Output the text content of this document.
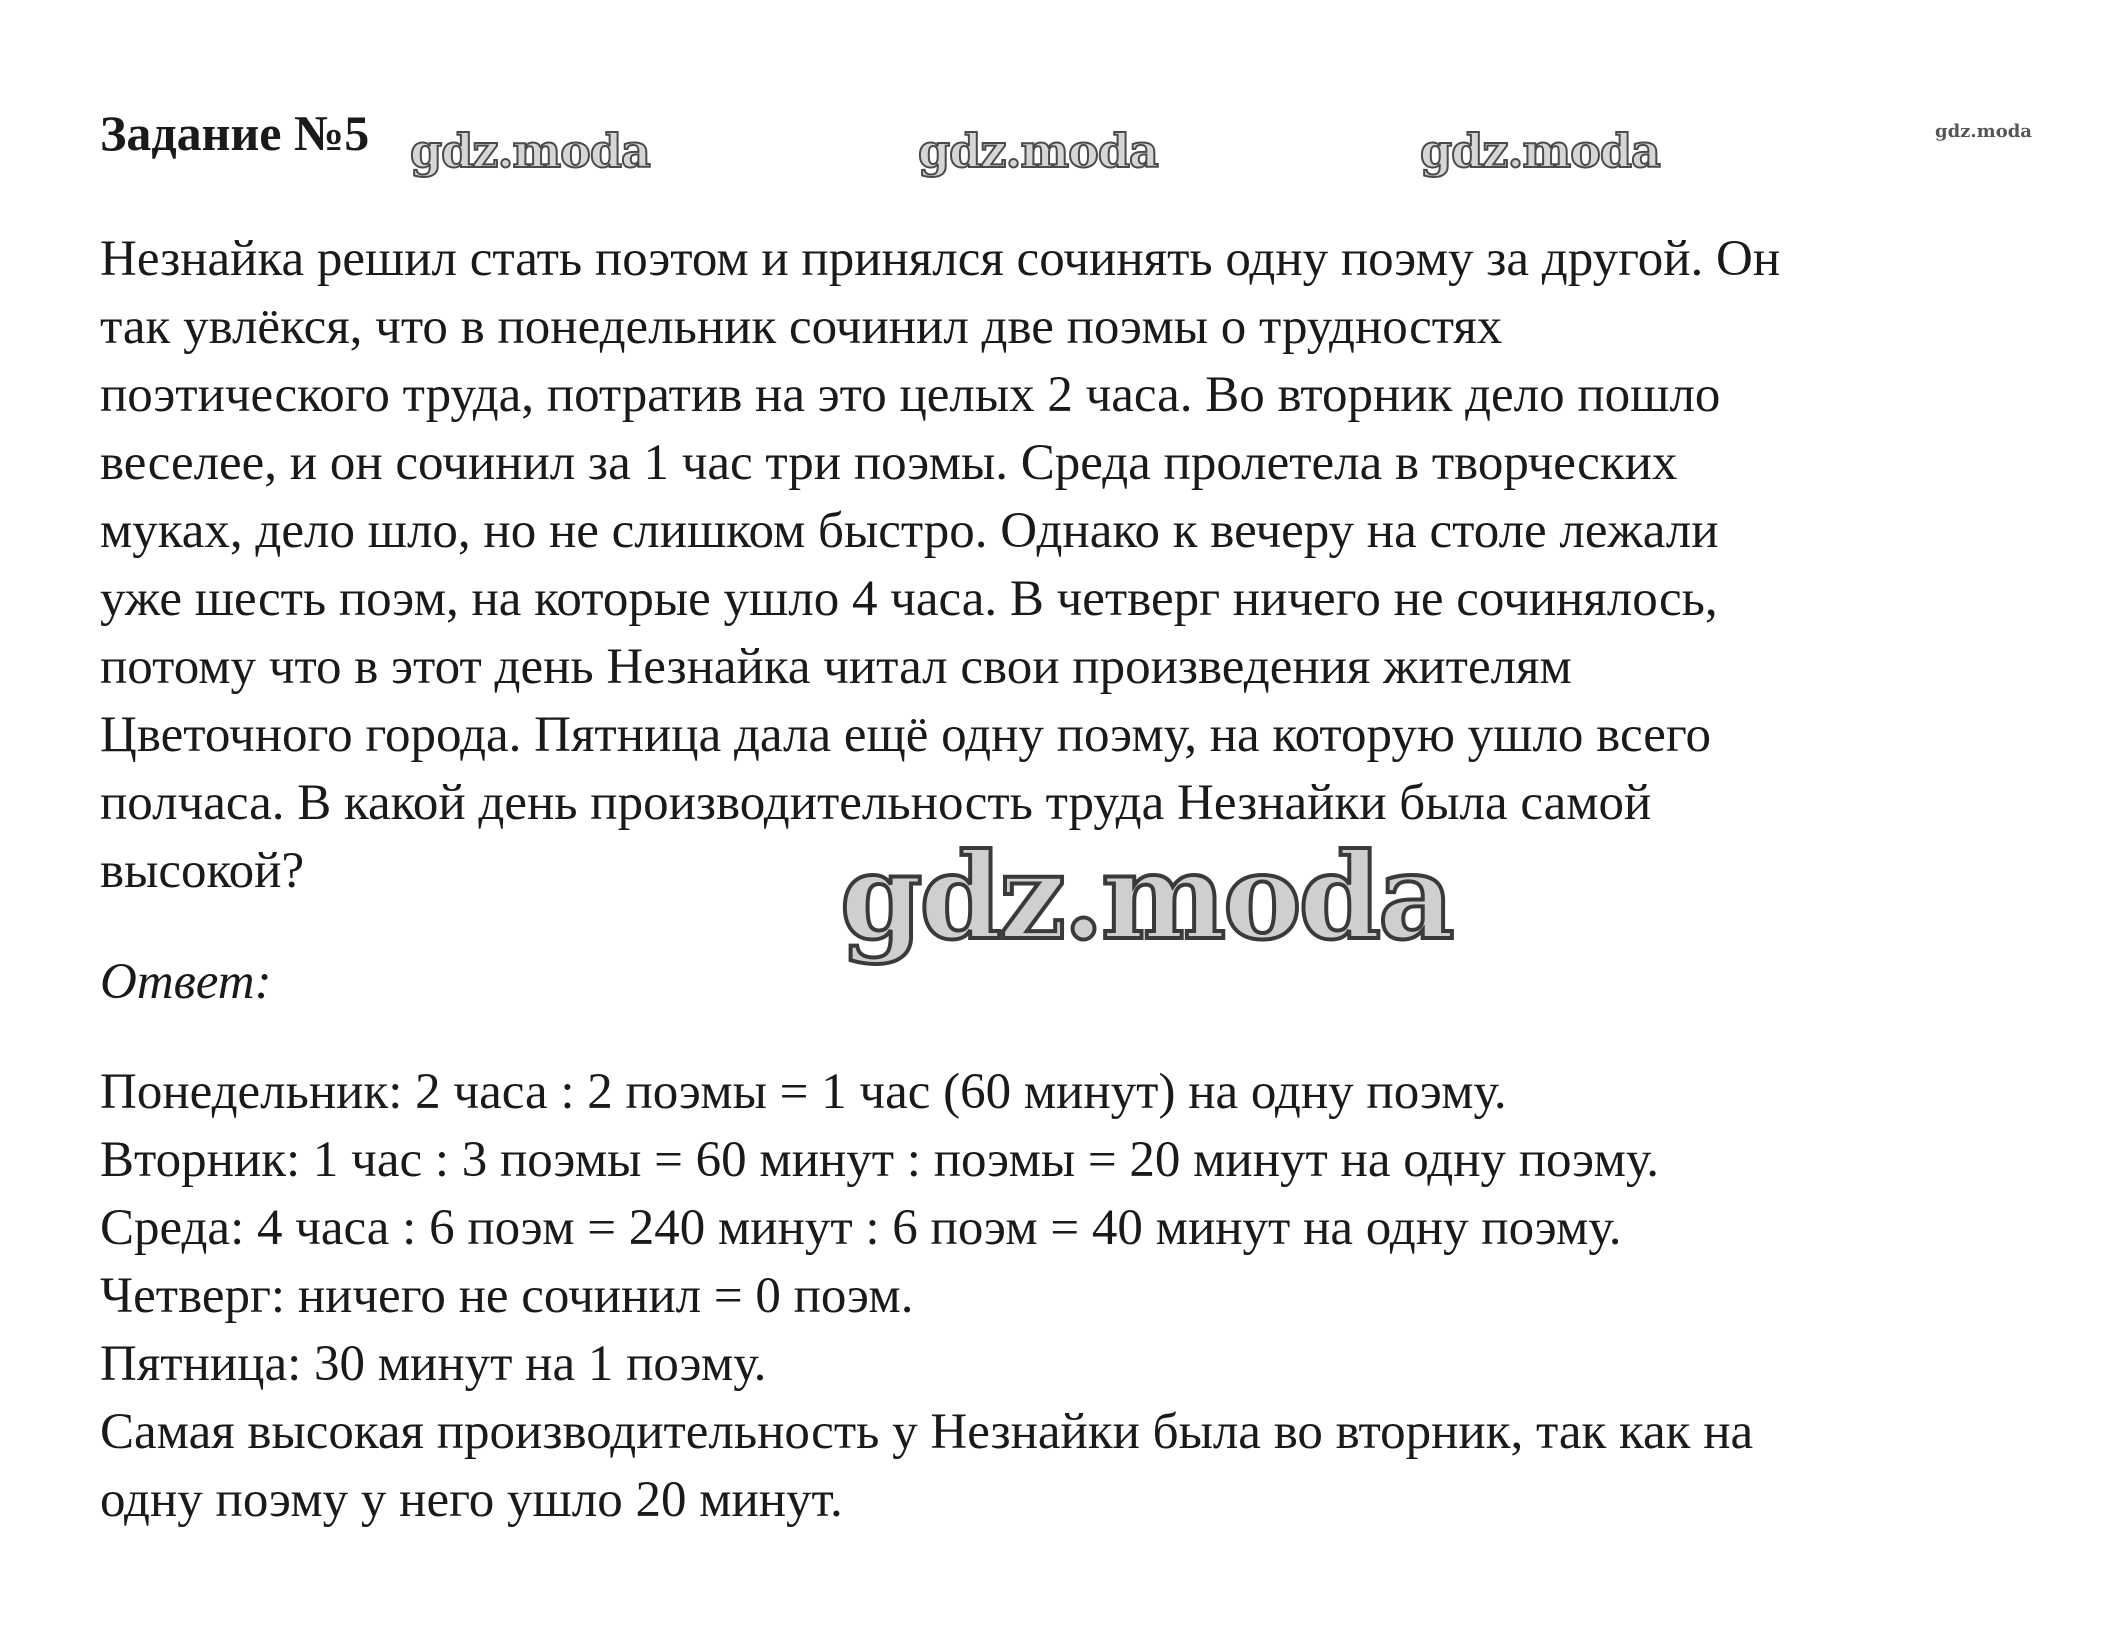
Задание №5 gdz.moda	gdz.moda	gdz.moda	gdz.moda
Незнайка решил стать поэтом и принялся сочинять одну поэму за другой. Он
так увлёкся, что в понедельник сочинил две поэмы о трудностях
поэтического труда, потратив на это целых 2 часа. Во вторник дело пошло
веселее, и он сочинил за 1 час три поэмы. Среда пролетела в творческих
муках, дело шло, но не слишком быстро. Однако к вечеру на столе лежали
уже шесть поэм, на которые ушло 4 часа. В четверг ничего не сочинялось,
потому что в этот день Незнайка читал свои произведения жителям
Цветочного города. Пятница дала ещё одну поэму, на которую ушло всего
полчаса. В какой день производительность труда Незнайки была самой
высокой?	gdz.moda
Ответ:
Понедельник: 2 часа : 2 поэмы = 1 час (60 минут) на одну поэму.
Вторник: 1 час : 3 поэмы = 60 минут : поэмы = 20 минут на одну поэму.
Среда: 4 часа : 6 поэм = 240 минут : 6 поэм = 40 минут на одну поэму.
Четверг: ничего не сочинил = 0 поэм.
Пятница: 30 минут на 1 поэму.
Самая высокая производительность у Незнайки была во вторник, так как на
одну поэму у него ушло 20 минут.
